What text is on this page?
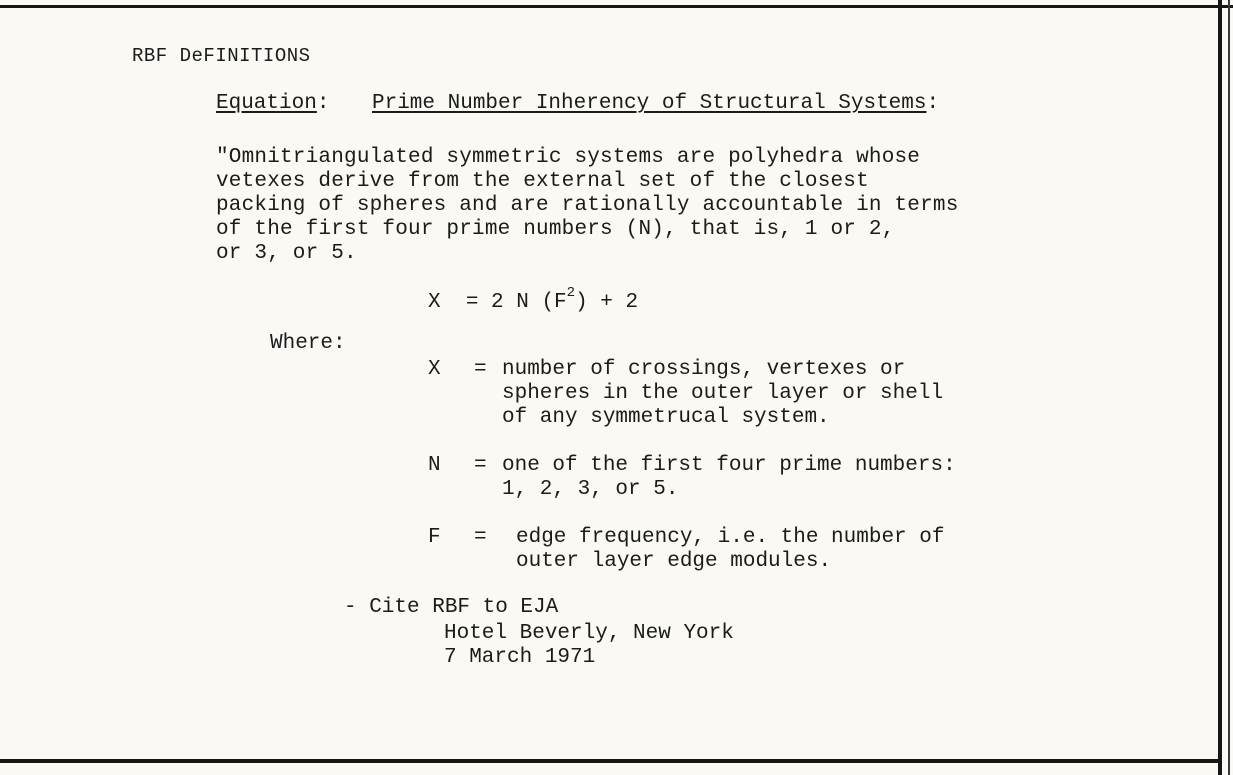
RBF DeFINITIONS
Equation: Prime Number Inherency of Structural Systems:
"Omnitriangulated symmetric systems are polyhedra whose
vetexes derive from the external set of the closest
packing of spheres and are rationally accountable in terms
of the first four prime numbers (N), that is, 1 or 2,
or 3, or 5.
X = 2 N $(F^2) + 2$
Where:
X = number of crossings, vertexes or
spheres in the outer layer or shell
of any symmetrucal system.
N = one of the first four prime numbers:
1, 2, 3, or 5.
F = edge frequency, i.e. the number of
outer layer edge modules.
- Cite RBF to EJA
Hotel Beverly, New York
7 March 1971
